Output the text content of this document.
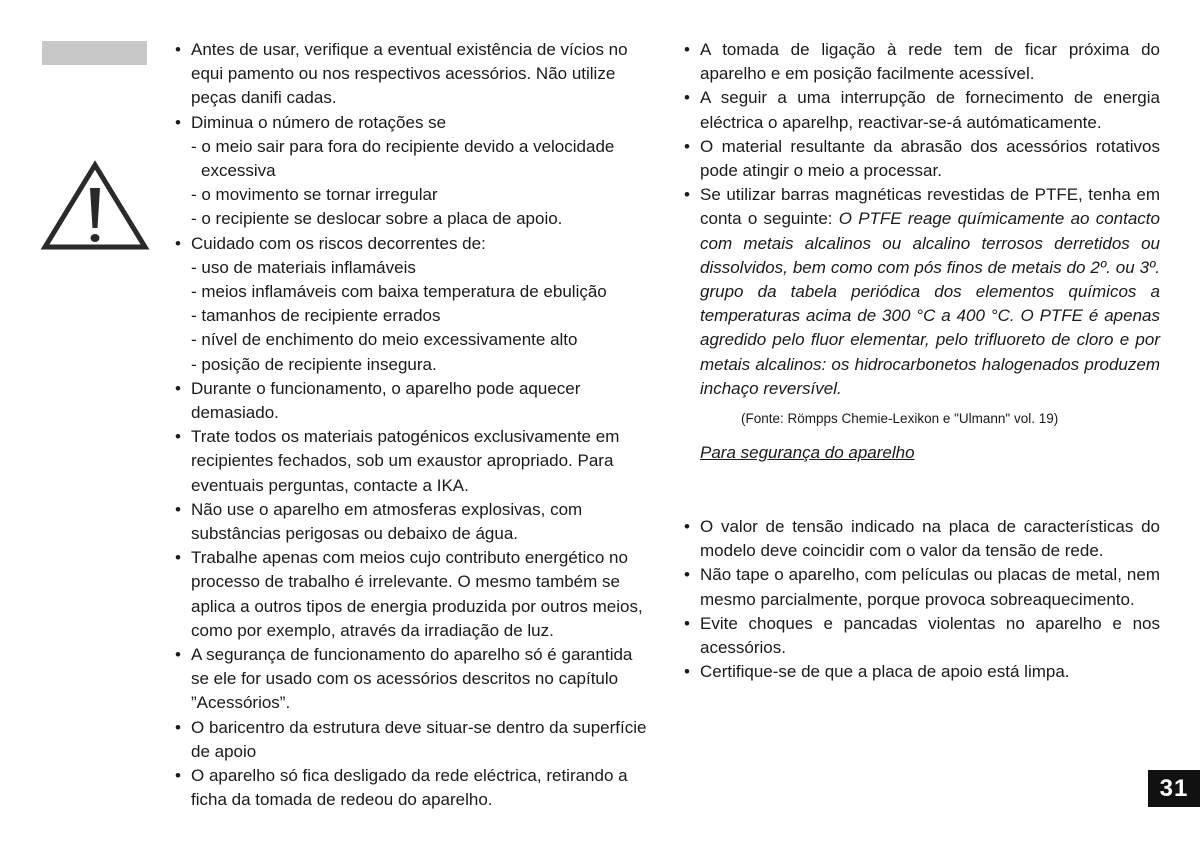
• Antes de usar, verifique a eventual existência de vícios no equi pamento ou nos respectivos acessórios. Não utilize peças danifi cadas.
• Diminua o número de rotações se
- o meio sair para fora do recipiente devido a velocidade
excessiva
- o movimento se tornar irregular
- o recipiente se deslocar sobre a placa de apoio.
• Cuidado com os riscos decorrentes de:
- uso de materiais inflamáveis
- meios inflamáveis com baixa temperatura de ebulição
- tamanhos de recipiente errados
- nível de enchimento do meio excessivamente alto
- posição de recipiente insegura.
• Durante o funcionamento, o aparelho pode aquecer demasiado.
• Trate todos os materiais patogénicos exclusivamente em recipientes fechados, sob um exaustor apropriado. Para eventuais perguntas, contacte a IKA.
• Não use o aparelho em atmosferas explosivas, com substâncias perigosas ou debaixo de água.
• Trabalhe apenas com meios cujo contributo energético no processo de trabalho é irrelevante. O mesmo também se aplica a outros tipos de energia produzida por outros meios, como por exemplo, através da irradiação de luz.
• A segurança de funcionamento do aparelho só é garantida se ele for usado com os acessórios descritos no capítulo ”Acessórios”.
• O baricentro da estrutura deve situar-se dentro da superfície de apoio
• O aparelho só fica desligado da rede eléctrica, retirando a ficha da tomada de redeou do aparelho.
• A tomada de ligação à rede tem de ficar próxima do aparelho e em posição facilmente acessível.
• A seguir a uma interrupção de fornecimento de energia eléctrica o aparelhp, reactivar-se-á autómaticamente.
• O material resultante da abrasão dos acessórios rotativos pode atingir o meio a processar.
• Se utilizar barras magnéticas revestidas de PTFE, tenha em conta o seguinte: O PTFE reage químicamente ao contacto com metais alcalinos ou alcalino terrosos derretidos ou dissolvidos, bem como com pós finos de metais do 2º. ou 3º. grupo da tabela periódica dos elementos químicos a temperaturas acima de 300 °C a 400 °C. O PTFE é apenas agredido pelo fluor elementar, pelo trifluoreto de cloro e por metais alcalinos: os hidrocarbonetos halogenados produzem inchaço reversível.
(Fonte: Römpps Chemie-Lexikon e "Ulmann" vol. 19)
Para segurança do aparelho
• O valor de tensão indicado na placa de características do modelo deve coincidir com o valor da tensão de rede.
• Não tape o aparelho, com películas ou placas de metal, nem mesmo parcialmente, porque provoca sobreaquecimento.
• Evite choques e pancadas violentas no aparelho e nos acessórios.
• Certifique-se de que a placa de apoio está limpa.
31
